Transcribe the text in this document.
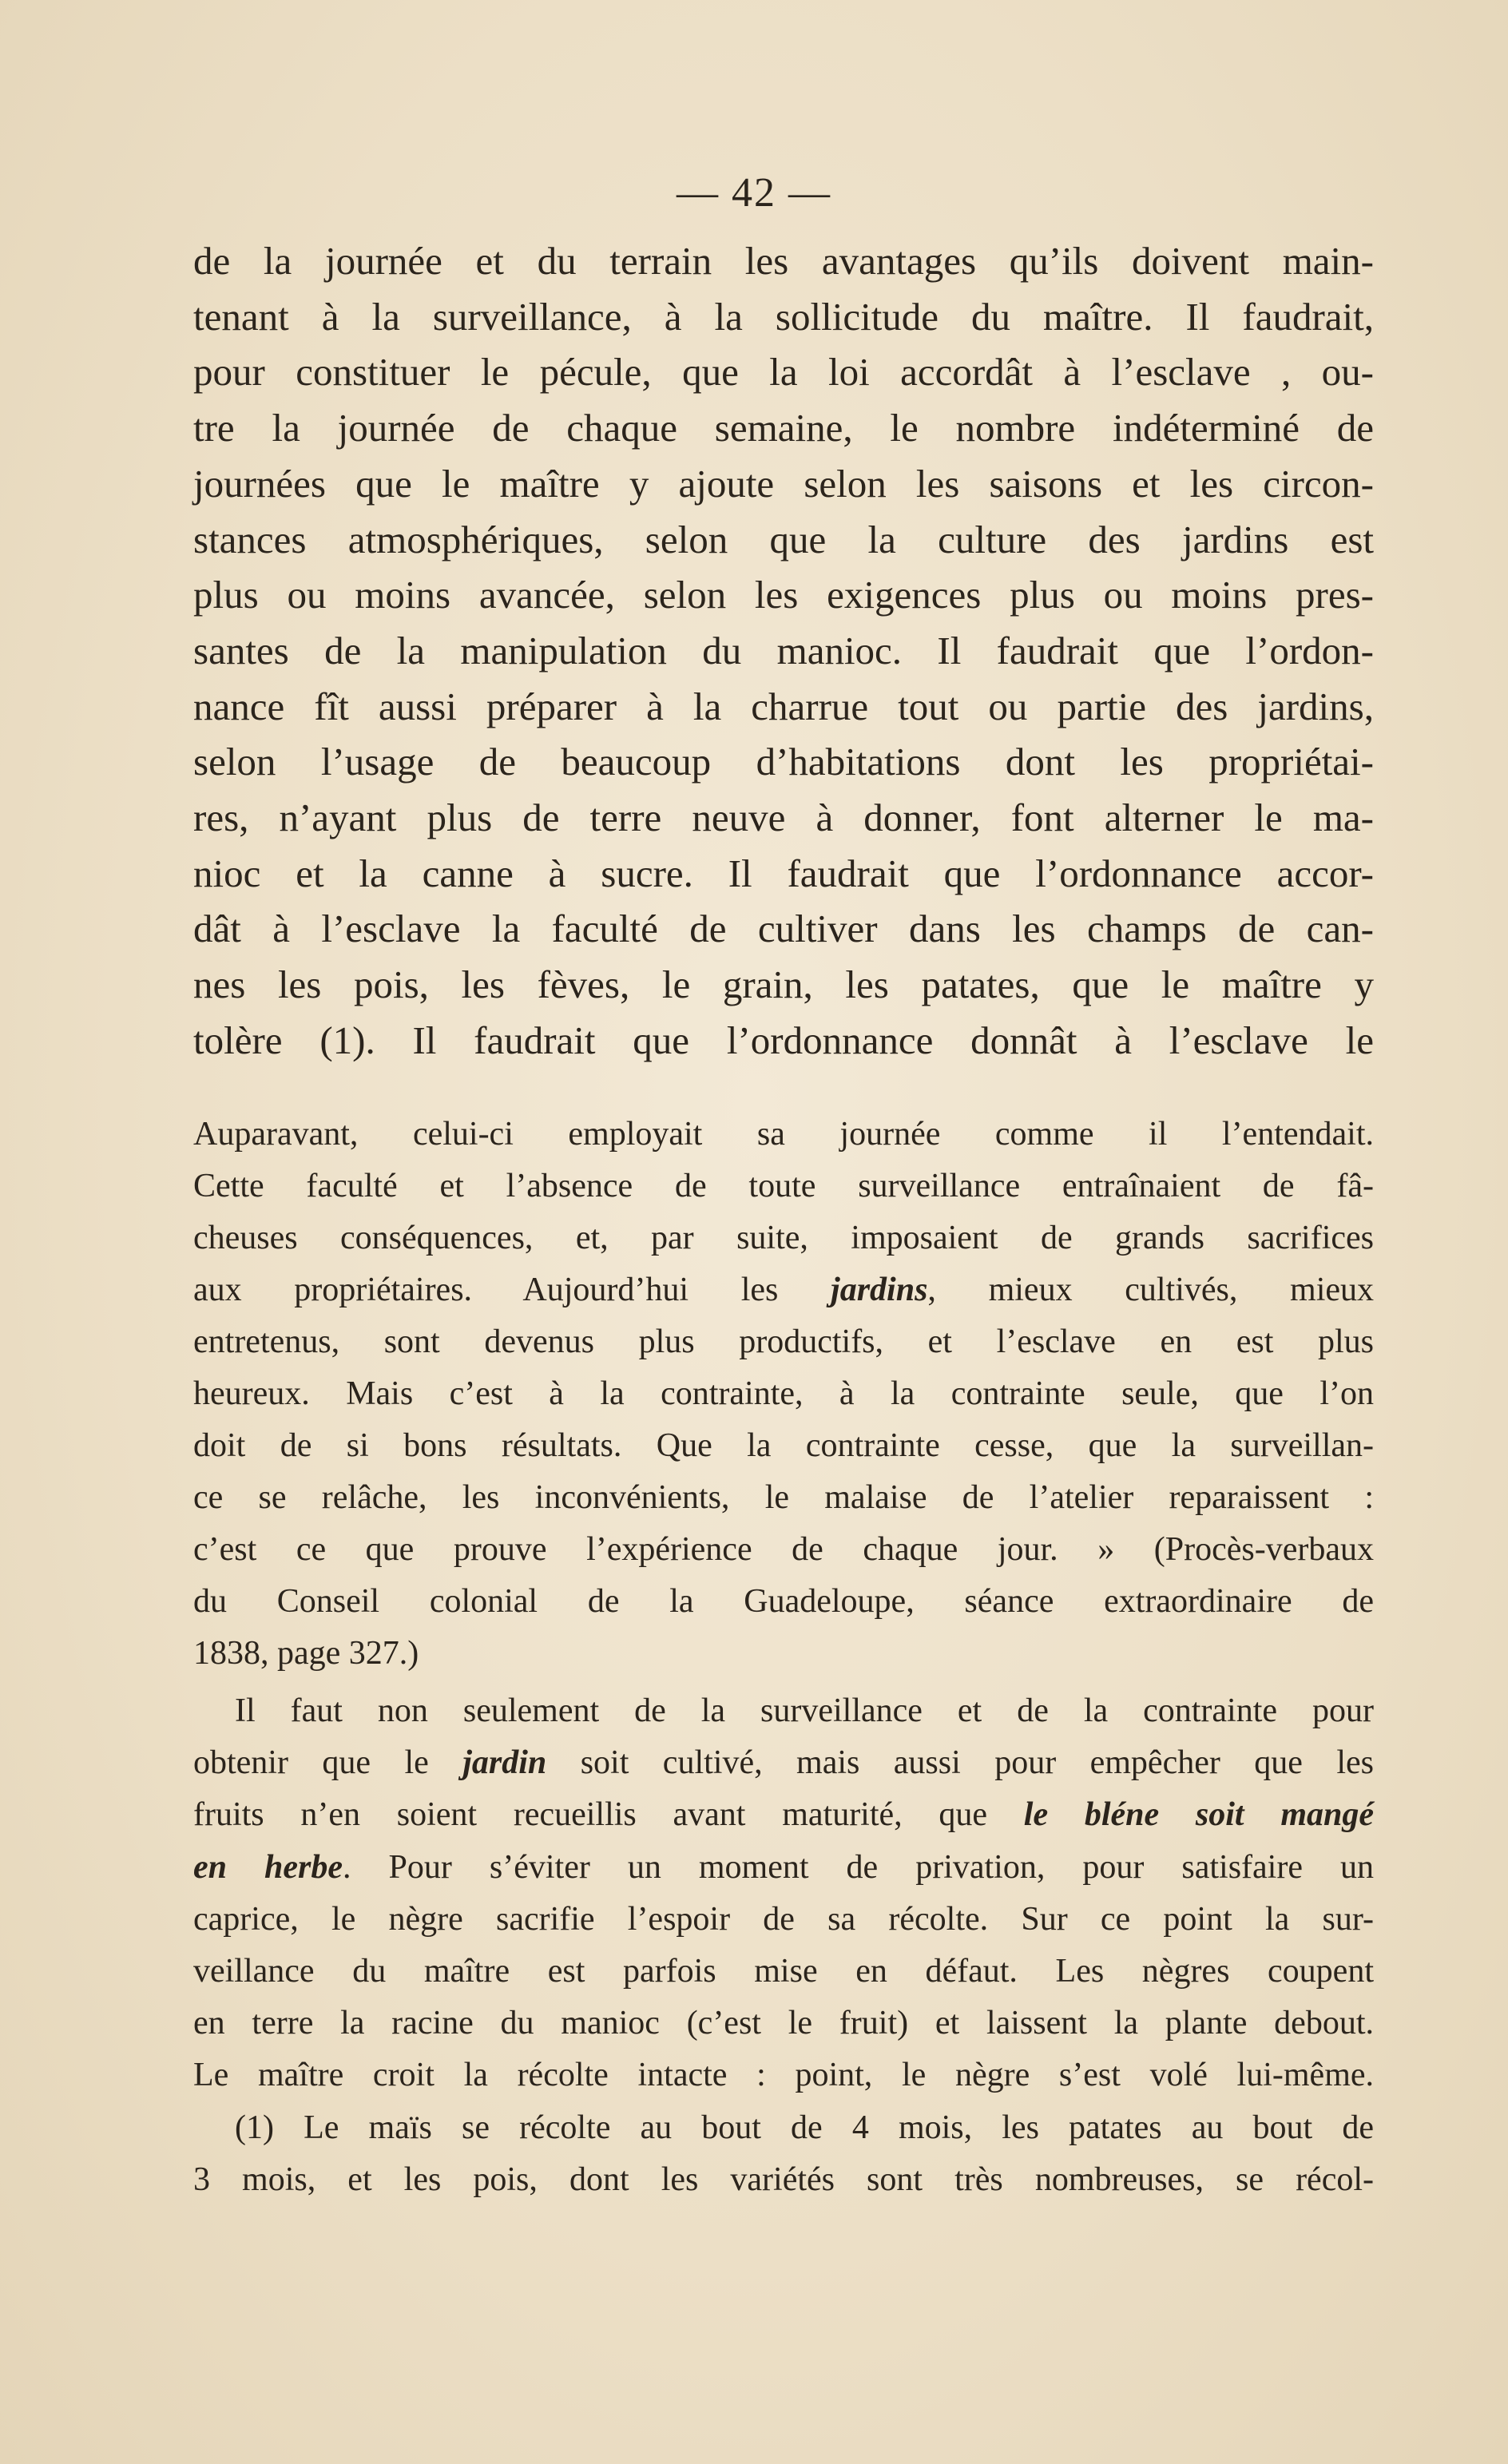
— 42 —
de la journée et du terrain les avantages qu’ils doivent main-
tenant à la surveillance, à la sollicitude du maître. Il faudrait,
pour constituer le pécule, que la loi accordât à l’esclave , ou-
tre la journée de chaque semaine, le nombre indéterminé de
journées que le maître y ajoute selon les saisons et les circon-
stances atmosphériques, selon que la culture des jardins est
plus ou moins avancée, selon les exigences plus ou moins pres-
santes de la manipulation du manioc. Il faudrait que l’ordon-
nance fît aussi préparer à la charrue tout ou partie des jardins,
selon l’usage de beaucoup d’habitations dont les propriétai-
res, n’ayant plus de terre neuve à donner, font alterner le ma-
nioc et la canne à sucre. Il faudrait que l’ordonnance accor-
dât à l’esclave la faculté de cultiver dans les champs de can-
nes les pois, les fèves, le grain, les patates, que le maître y
tolère (1). Il faudrait que l’ordonnance donnât à l’esclave le
Auparavant, celui-ci employait sa journée comme il l’entendait.
Cette faculté et l’absence de toute surveillance entraînaient de fâ-
cheuses conséquences, et, par suite, imposaient de grands sacrifices
aux propriétaires. Aujourd’hui les jardins, mieux cultivés, mieux
entretenus, sont devenus plus productifs, et l’esclave en est plus
heureux. Mais c’est à la contrainte, à la contrainte seule, que l’on
doit de si bons résultats. Que la contrainte cesse, que la surveillan-
ce se relâche, les inconvénients, le malaise de l’atelier reparaissent :
c’est ce que prouve l’expérience de chaque jour. » (Procès-verbaux
du Conseil colonial de la Guadeloupe, séance extraordinaire de
1838, page 327.)
Il faut non seulement de la surveillance et de la contrainte pour
obtenir que le jardin soit cultivé, mais aussi pour empêcher que les
fruits n’en soient recueillis avant maturité, que le bléne soit mangé
en herbe. Pour s’éviter un moment de privation, pour satisfaire un
caprice, le nègre sacrifie l’espoir de sa récolte. Sur ce point la sur-
veillance du maître est parfois mise en défaut. Les nègres coupent
en terre la racine du manioc (c’est le fruit) et laissent la plante debout.
Le maître croit la récolte intacte : point, le nègre s’est volé lui-même.
(1) Le maïs se récolte au bout de 4 mois, les patates au bout de
3 mois, et les pois, dont les variétés sont très nombreuses, se récol-
